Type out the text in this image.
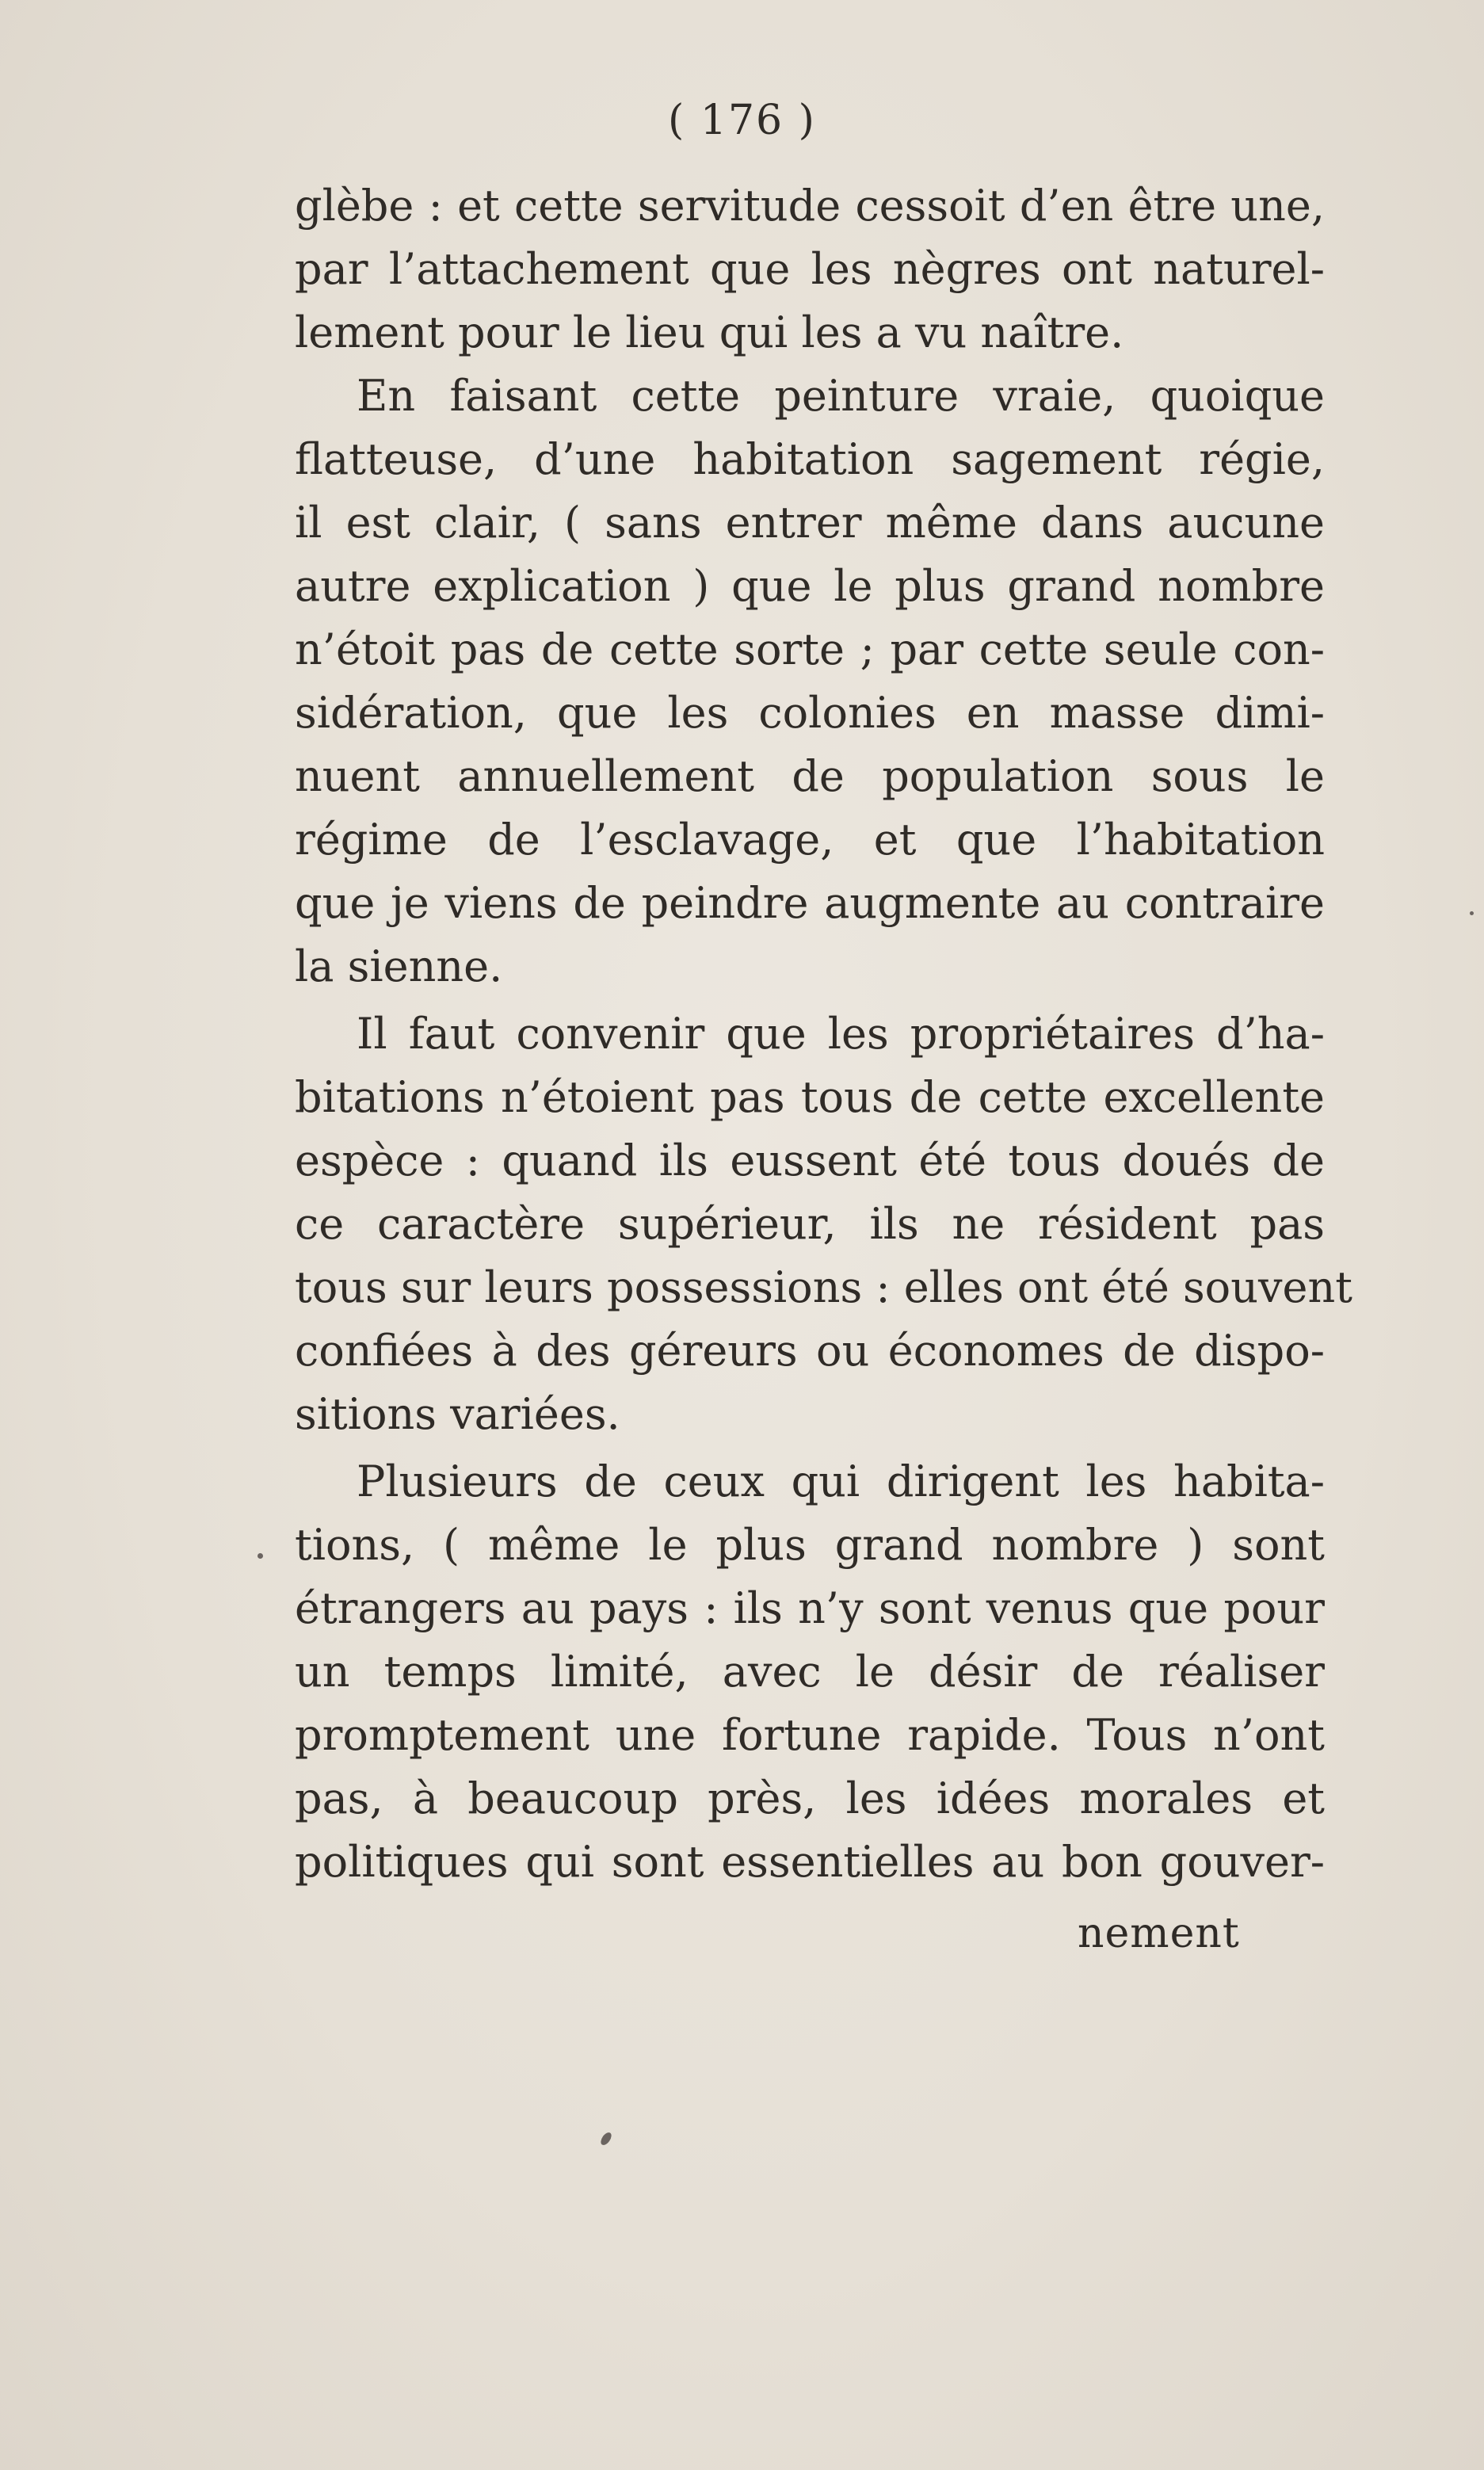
( 176 )
glèbe : et cette servitude cessoit d’en être une,
par l’attachement que les nègres ont naturel-
lement pour le lieu qui les a vu naître.
En faisant cette peinture vraie, quoique
flatteuse, d’une habitation sagement régie,
il est clair, ( sans entrer même dans aucune
autre explication ) que le plus grand nombre
n’étoit pas de cette sorte ; par cette seule con-
sidération, que les colonies en masse dimi-
nuent annuellement de population sous le
régime de l’esclavage, et que l’habitation
que je viens de peindre augmente au contraire
la sienne.
Il faut convenir que les propriétaires d’ha-
bitations n’étoient pas tous de cette excellente
espèce : quand ils eussent été tous doués de
ce caractère supérieur, ils ne résident pas
tous sur leurs possessions : elles ont été souvent
confiées à des géreurs ou économes de dispo-
sitions variées.
Plusieurs de ceux qui dirigent les habita-
tions, ( même le plus grand nombre ) sont
étrangers au pays : ils n’y sont venus que pour
un temps limité, avec le désir de réaliser
promptement une fortune rapide. Tous n’ont
pas, à beaucoup près, les idées morales et
politiques qui sont essentielles au bon gouver-
nement
